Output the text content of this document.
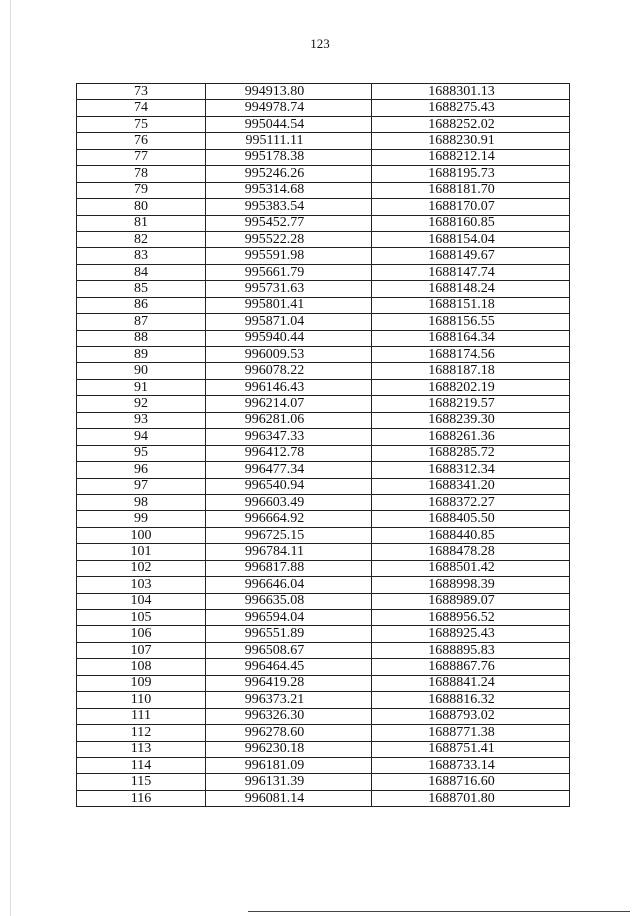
123
73	994913.80	1688301.13
74	994978.74	1688275.43
75	995044.54	1688252.02
76	995111.11	1688230.91
77	995178.38	1688212.14
78	995246.26	1688195.73
79	995314.68	1688181.70
80	995383.54	1688170.07
81	995452.77	1688160.85
82	995522.28	1688154.04
83	995591.98	1688149.67
84	995661.79	1688147.74
85	995731.63	1688148.24
86	995801.41	1688151.18
87	995871.04	1688156.55
88	995940.44	1688164.34
89	996009.53	1688174.56
90	996078.22	1688187.18
91	996146.43	1688202.19
92	996214.07	1688219.57
93	996281.06	1688239.30
94	996347.33	1688261.36
95	996412.78	1688285.72
96	996477.34	1688312.34
97	996540.94	1688341.20
98	996603.49	1688372.27
99	996664.92	1688405.50
100	996725.15	1688440.85
101	996784.11	1688478.28
102	996817.88	1688501.42
103	996646.04	1688998.39
104	996635.08	1688989.07
105	996594.04	1688956.52
106	996551.89	1688925.43
107	996508.67	1688895.83
108	996464.45	1688867.76
109	996419.28	1688841.24
110	996373.21	1688816.32
111	996326.30	1688793.02
112	996278.60	1688771.38
113	996230.18	1688751.41
114	996181.09	1688733.14
115	996131.39	1688716.60
116	996081.14	1688701.80
